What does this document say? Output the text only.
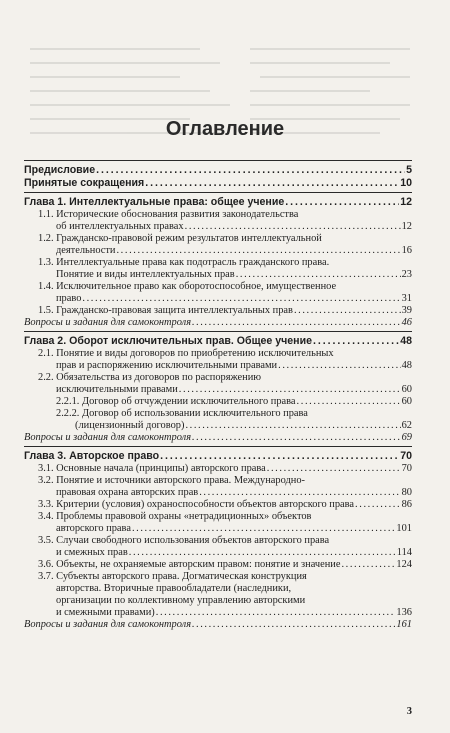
Оглавление
Предисловие . . .	5
Принятые сокращения . . .	10
Глава 1. Интеллектуальные права: общее учение . . .	12
1.1. Исторические обоснования развития законодательства
об интеллектуальных правах . . .	12
1.2. Гражданско-правовой режим результатов интеллектуальной
деятельности . . .	16
1.3. Интеллектуальные права как подотрасль гражданского права.
Понятие и виды интеллектуальных прав . . .	23
1.4. Исключительное право как оборотоспособное, имущественное
право . . .	31
1.5. Гражданско-правовая защита интеллектуальных прав . . .	39
Вопросы и задания для самоконтроля . . .	46
Глава 2. Оборот исключительных прав. Общее учение . . .	48
2.1. Понятие и виды договоров по приобретению исключительных
прав и распоряжению исключительными правами . . .	48
2.2. Обязательства из договоров по распоряжению
исключительными правами . . .	60
2.2.1. Договор об отчуждении исключительного права . . .	60
2.2.2. Договор об использовании исключительного права
(лицензионный договор) . . .	62
Вопросы и задания для самоконтроля . . .	69
Глава 3. Авторское право . . .	70
3.1. Основные начала (принципы) авторского права . . .	70
3.2. Понятие и источники авторского права. Международно-
правовая охрана авторских прав . . .	80
3.3. Критерии (условия) охраноспособности объектов авторского права . . .	86
3.4. Проблемы правовой охраны «нетрадиционных» объектов
авторского права . . .	101
3.5. Случаи свободного использования объектов авторского права
и смежных прав . . .	114
3.6. Объекты, не охраняемые авторским правом: понятие и значение . . .	124
3.7. Субъекты авторского права. Догматическая конструкция
авторства. Вторичные правообладатели (наследники,
организации по коллективному управлению авторскими
и смежными правами) . . .	136
Вопросы и задания для самоконтроля . . .	161
3
